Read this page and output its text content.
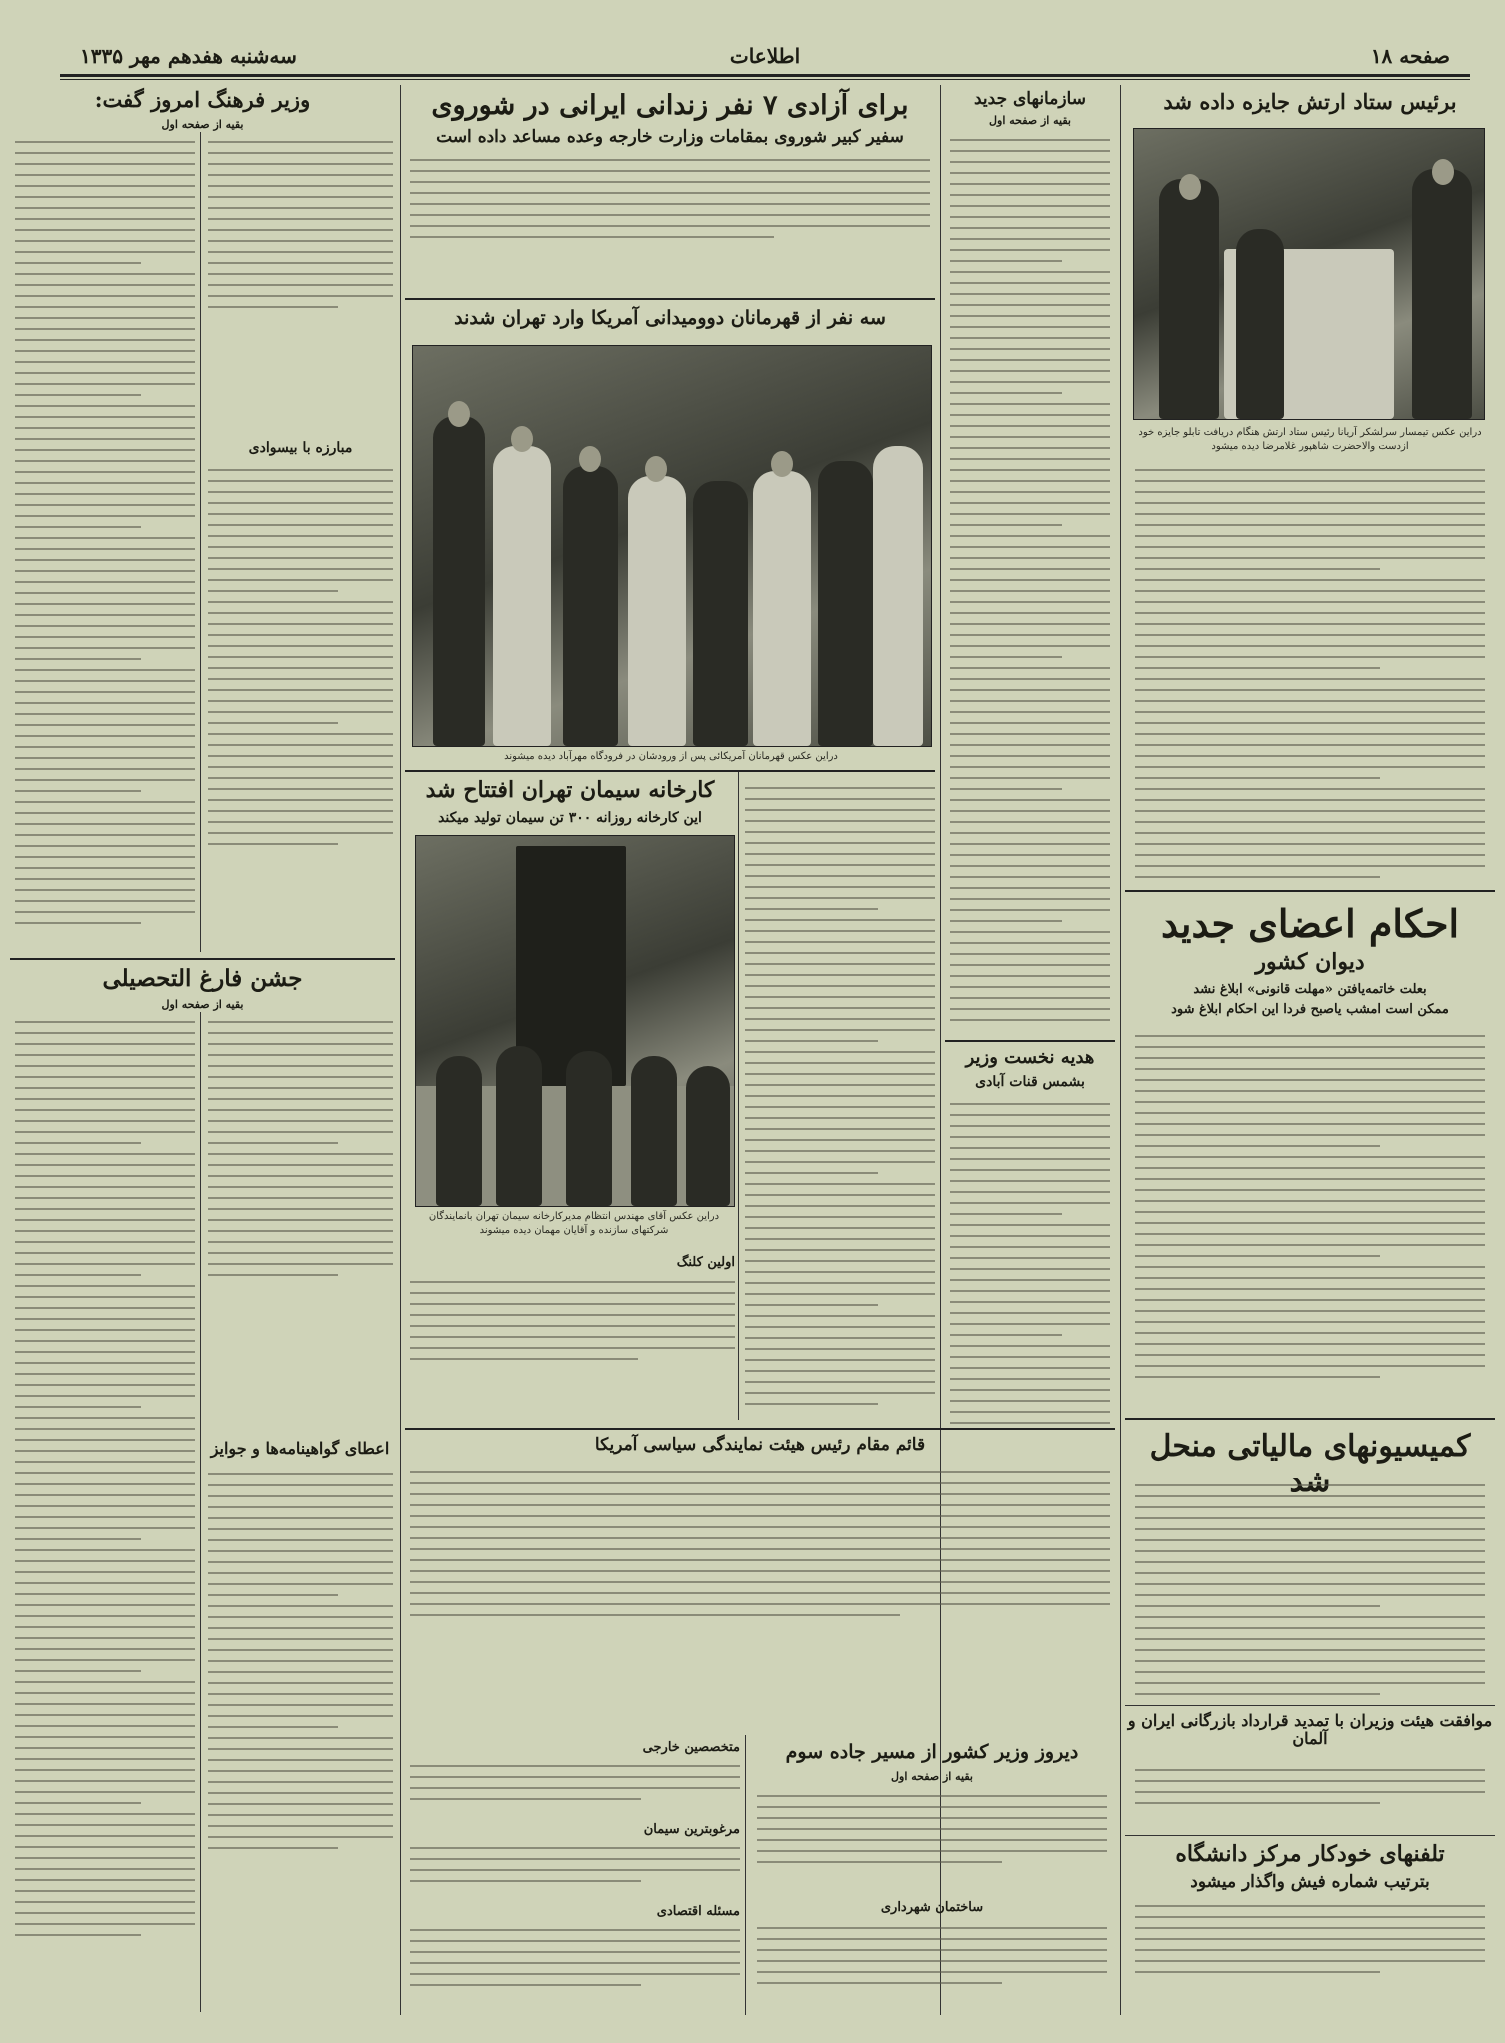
صفحه ۱۸
اطلاعات
سه‌شنبه هفدهم مهر ۱۳۳۵
برئیس ستاد ارتش جایزه داده شد
دراین عکس تیمسار سرلشکر آریانا رئیس ستاد ارتش هنگام دریافت تابلو جایزه خود ازدست والاحضرت شاهپور غلامرضا دیده میشود
احکام اعضای جدید
دیوان کشور
بعلت خاتمه‌یافتن «مهلت قانونی» ابلاغ نشد
ممکن است امشب یاصبح فردا این احکام ابلاغ شود
کمیسیونهای مالیاتی منحل شد
موافقت هیئت وزیران با تمدید قرارداد بازرگانی ایران و آلمان
تلفنهای خودکار مرکز دانشگاه
بترتیب شماره فیش واگذار میشود
سازمانهای جدید
بقیه از صفحه اول
هدیه نخست وزیر
بشمس قنات آبادی
قائم مقام رئیس هیئت نمایندگی سیاسی آمریکا
برای آزادی ۷ نفر زندانی ایرانی در شوروی
سفیر کبیر شوروی بمقامات وزارت خارجه وعده مساعد داده است
سه نفر از قهرمانان دوومیدانی آمریکا وارد تهران شدند
دراین عکس قهرمانان آمریکائی پس از ورودشان در فرودگاه مهرآباد دیده میشوند
کارخانه سیمان تهران افتتاح شد
این کارخانه روزانه ۳۰۰ تن سیمان تولید میکند
دراین عکس آقای مهندس انتظام مدیرکارخانه سیمان تهران بانمایندگان شرکتهای سازنده و آقایان مهمان دیده میشوند
اولین کلنگ
متخصصین خارجی
مرغوبترین سیمان
مسئله اقتصادی
دیروز وزیر کشور از مسیر جاده سوم
بقیه از صفحه اول
ساختمان شهرداری
وزیر فرهنگ امروز گفت:
بقیه از صفحه اول
مبارزه با بیسوادی
جشن فارغ التحصیلی
بقیه از صفحه اول
اعطای گواهینامه‌ها و جوایز
